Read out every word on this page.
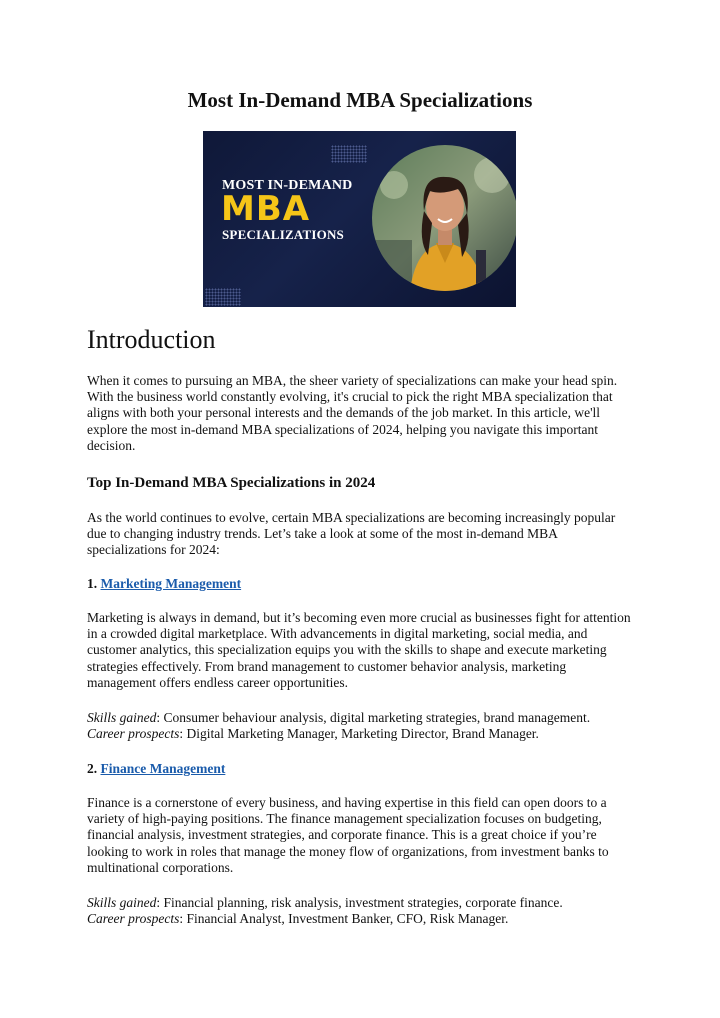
Most In-Demand MBA Specializations
MOST IN-DEMAND
MBA
SPECIALIZATIONS
Introduction

When it comes to pursuing an MBA, the sheer variety of specializations can make your head spin. With the business world constantly evolving, it's crucial to pick the right MBA specialization that aligns with both your personal interests and the demands of the job market. In this article, we'll explore the most in-demand MBA specializations of 2024, helping you navigate this important decision.

Top In-Demand MBA Specializations in 2024

As the world continues to evolve, certain MBA specializations are becoming increasingly popular due to changing industry trends. Let’s take a look at some of the most in-demand MBA specializations for 2024:

1. Marketing Management

Marketing is always in demand, but it’s becoming even more crucial as businesses fight for attention in a crowded digital marketplace. With advancements in digital marketing, social media, and customer analytics, this specialization equips you with the skills to shape and execute marketing strategies effectively. From brand management to customer behavior analysis, marketing management offers endless career opportunities.

Skills gained: Consumer behaviour analysis, digital marketing strategies, brand management.
Career prospects: Digital Marketing Manager, Marketing Director, Brand Manager.

2. Finance Management

Finance is a cornerstone of every business, and having expertise in this field can open doors to a variety of high-paying positions. The finance management specialization focuses on budgeting, financial analysis, investment strategies, and corporate finance. This is a great choice if you’re looking to work in roles that manage the money flow of organizations, from investment banks to multinational corporations.

Skills gained: Financial planning, risk analysis, investment strategies, corporate finance.
Career prospects: Financial Analyst, Investment Banker, CFO, Risk Manager.
